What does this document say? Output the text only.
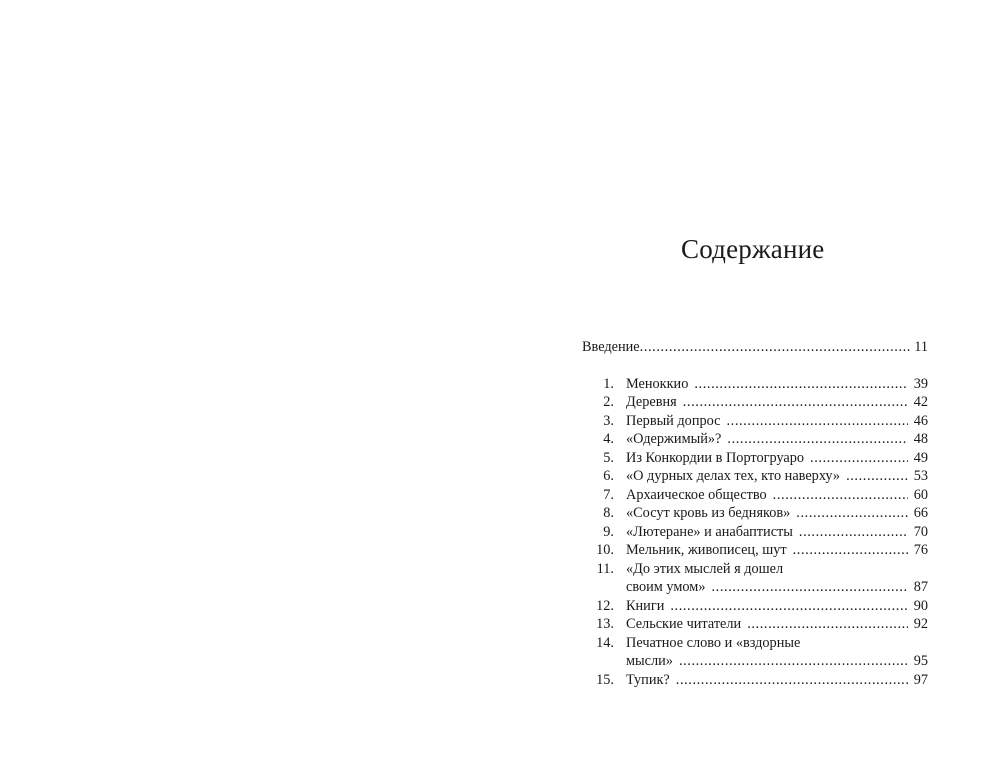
Содержание
Введение .....	11
1. Меноккио .....	39
2. Деревня .....	42
3. Первый допрос .....	46
4. «Одержимый»? .....	48
5. Из Конкордии в Портогруаро .....	49
6. «О дурных делах тех, кто наверху» .....	53
7. Архаическое общество .....	60
8. «Сосут кровь из бедняков» .....	66
9. «Лютеране» и анабаптисты .....	70
10. Мельник, живописец, шут .....	76
11. «До этих мыслей я дошел
своим умом» .....	87
12. Книги .....	90
13. Сельские читатели .....	92
14. Печатное слово и «вздорные
мысли» .....	95
15. Тупик? .....	97
